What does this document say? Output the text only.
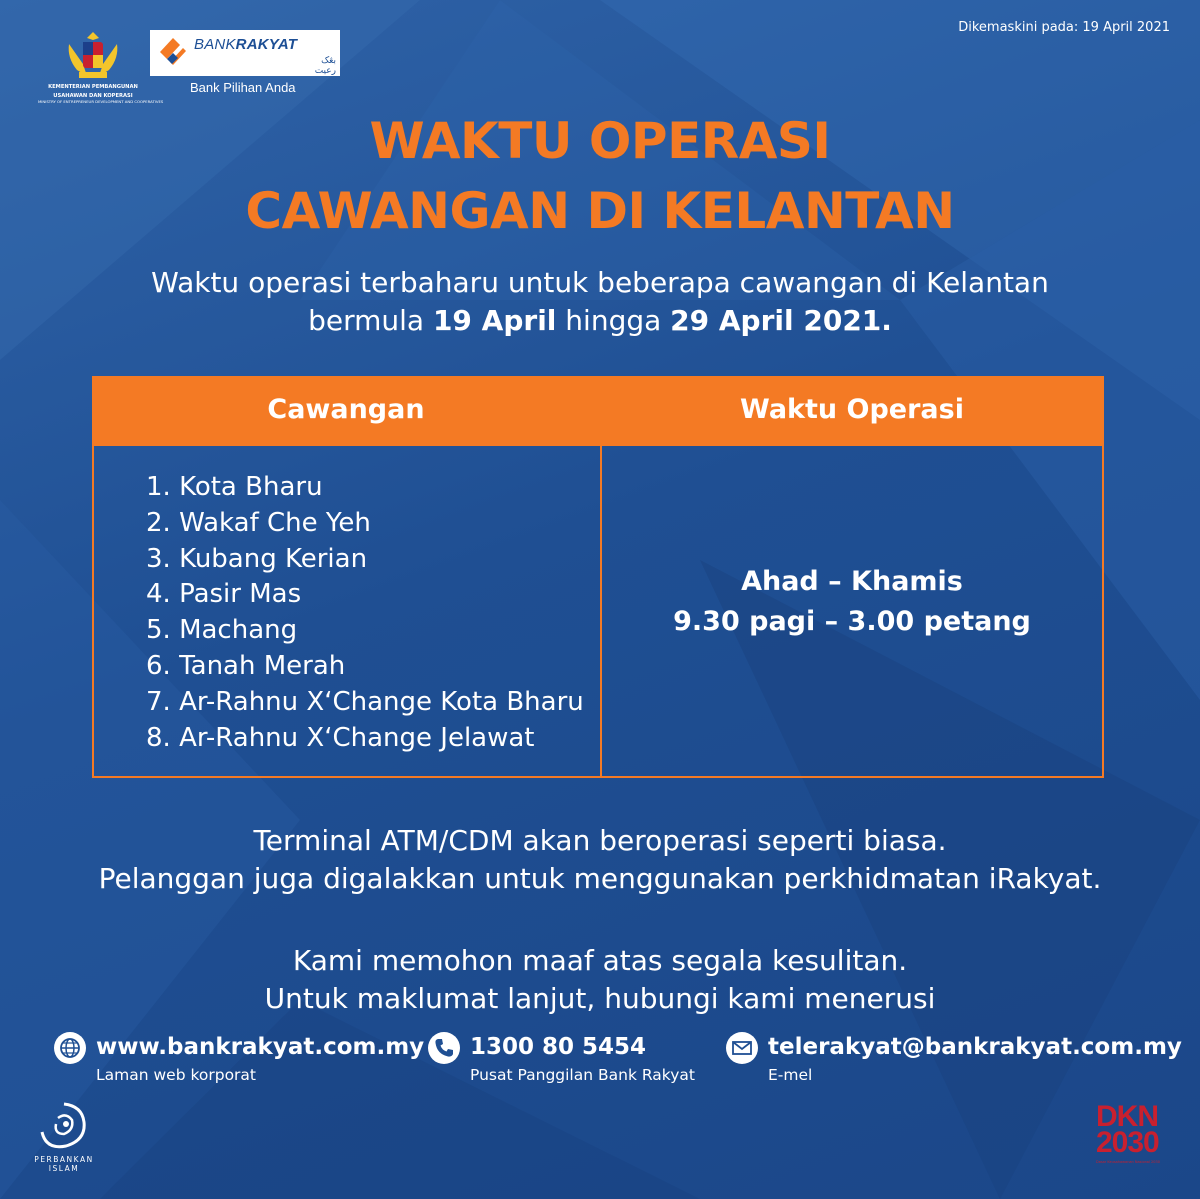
Dikemaskini pada: 19 April 2021
KEMENTERIAN PEMBANGUNAN
USAHAWAN DAN KOPERASI
MINISTRY OF ENTREPRENEUR DEVELOPMENT AND COOPERATIVES
BANKRAKYAT
بڠک رعيت
Bank Pilihan Anda
WAKTU OPERASI
CAWANGAN DI KELANTAN
Waktu operasi terbaharu untuk beberapa cawangan di Kelantan
bermula 19 April hingga 29 April 2021.
Cawangan	Waktu Operasi
1. Kota Bharu
2. Wakaf Che Yeh
3. Kubang Kerian
4. Pasir Mas
5. Machang
6. Tanah Merah
7. Ar-Rahnu X‘Change Kota Bharu
8. Ar-Rahnu X‘Change Jelawat
Ahad – Khamis
9.30 pagi – 3.00 petang
Terminal ATM/CDM akan beroperasi seperti biasa.
Pelanggan juga digalakkan untuk menggunakan perkhidmatan iRakyat.
Kami memohon maaf atas segala kesulitan.
Untuk maklumat lanjut, hubungi kami menerusi
www.bankrakyat.com.my
Laman web korporat
1300 80 5454
Pusat Panggilan Bank Rakyat
telerakyat@bankrakyat.com.my
E-mel
PERBANKAN ISLAM
DKN
2030
Dasar Keusahawanan Nasional 2030
